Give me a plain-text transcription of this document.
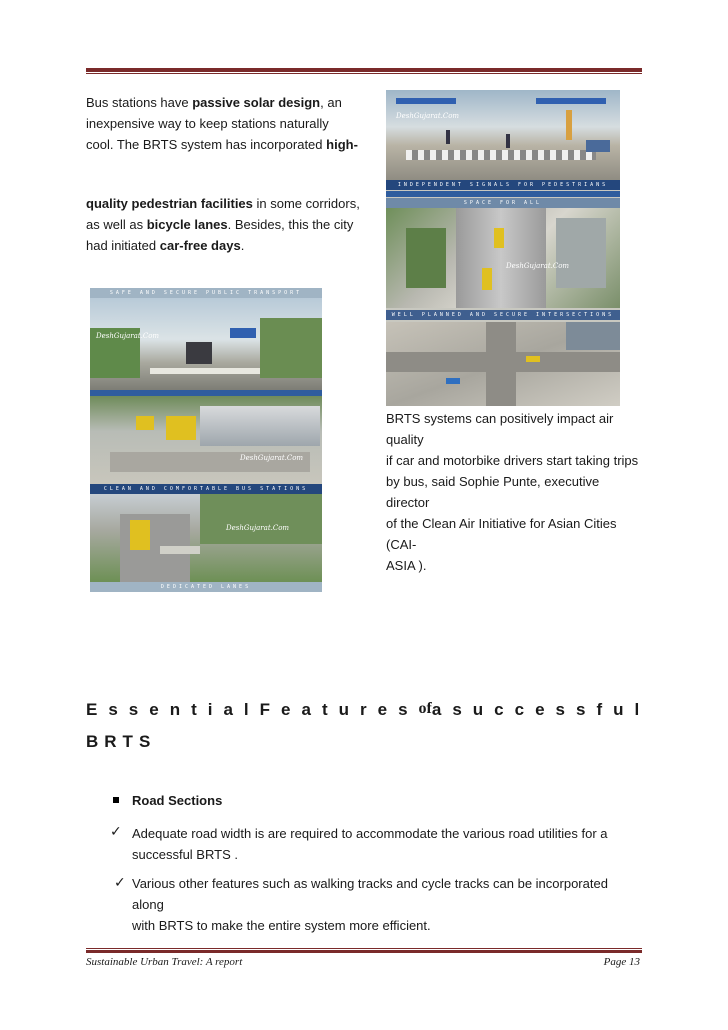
Bus stations have passive solar design, an
inexpensive way to keep stations naturally
cool. The BRTS system has incorporated high-
quality pedestrian facilities in some corridors,
as well as bicycle lanes. Besides, this the city
had initiated car-free days.
DeshGujarat.Com
INDEPENDENT SIGNALS FOR PEDESTRIANS
SPACE FOR ALL
DeshGujarat.Com
WELL PLANNED AND SECURE INTERSECTIONS
SAFE AND SECURE PUBLIC TRANSPORT
DeshGujarat.Com
DeshGujarat.Com
CLEAN AND COMFORTABLE BUS STATIONS
DeshGujarat.Com
DEDICATED LANES
BRTS systems can positively impact air quality
if car and motorbike drivers start taking trips
by bus, said Sophie Punte, executive director
of the Clean Air Initiative for Asian Cities (CAI-
ASIA ).
Essential Features of a successful
BRTS
Road Sections
✓ Adequate road width is are required to accommodate the various road utilities for a
successful BRTS .
✓ Various other features such as walking tracks and cycle tracks can be incorporated along
with BRTS to make the entire system more efficient.
Sustainable Urban Travel: A report	Page 13
